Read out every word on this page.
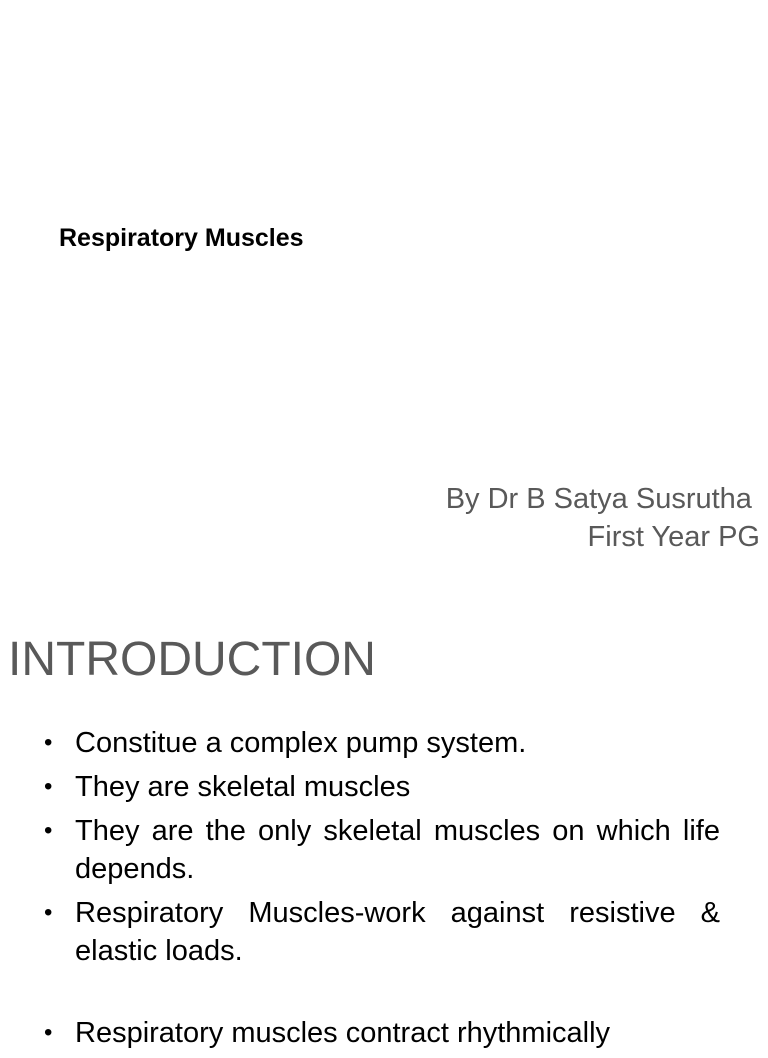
Respiratory Muscles
By Dr B Satya Susrutha
First Year PG
INTRODUCTION
• Constitue a complex pump system.
• They are skeletal muscles
• They are the only skeletal muscles on which life depends.
• Respiratory Muscles-work against resistive & elastic loads.
• Respiratory muscles contract rhythmically
